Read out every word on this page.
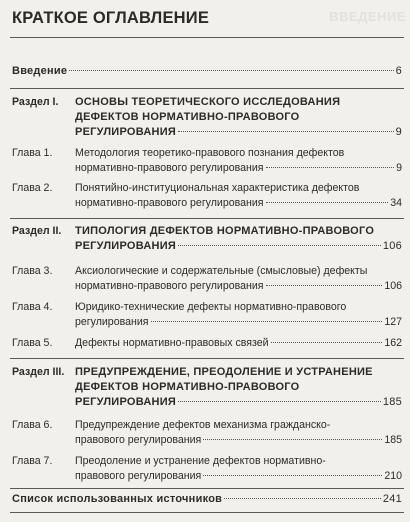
КРАТКОЕ ОГЛАВЛЕНИЕ	ВВЕДЕНИЕ
Введение	6
Раздел I. ОСНОВЫ ТЕОРЕТИЧЕСКОГО ИССЛЕДОВАНИЯ
ДЕФЕКТОВ НОРМАТИВНО-ПРАВОВОГО
РЕГУЛИРОВАНИЯ	9
Глава 1. Методология теоретико-правового познания дефектов
нормативно-правового регулирования	9
Глава 2. Понятийно-институциональная характеристика дефектов
нормативно-правового регулирования	34
Раздел II. ТИПОЛОГИЯ ДЕФЕКТОВ НОРМАТИВНО-ПРАВОВОГО
РЕГУЛИРОВАНИЯ	106
Глава 3. Аксиологические и содержательные (смысловые) дефекты
нормативно-правового регулирования	106
Глава 4. Юридико-технические дефекты нормативно-правового
регулирования	127
Глава 5. Дефекты нормативно-правовых связей	162
Раздел III. ПРЕДУПРЕЖДЕНИЕ, ПРЕОДОЛЕНИЕ И УСТРАНЕНИЕ
ДЕФЕКТОВ НОРМАТИВНО-ПРАВОВОГО
РЕГУЛИРОВАНИЯ	185
Глава 6. Предупреждение дефектов механизма гражданско-
правового регулирования	185
Глава 7. Преодоление и устранение дефектов нормативно-
правового регулирования	210
Список использованных источников	241
